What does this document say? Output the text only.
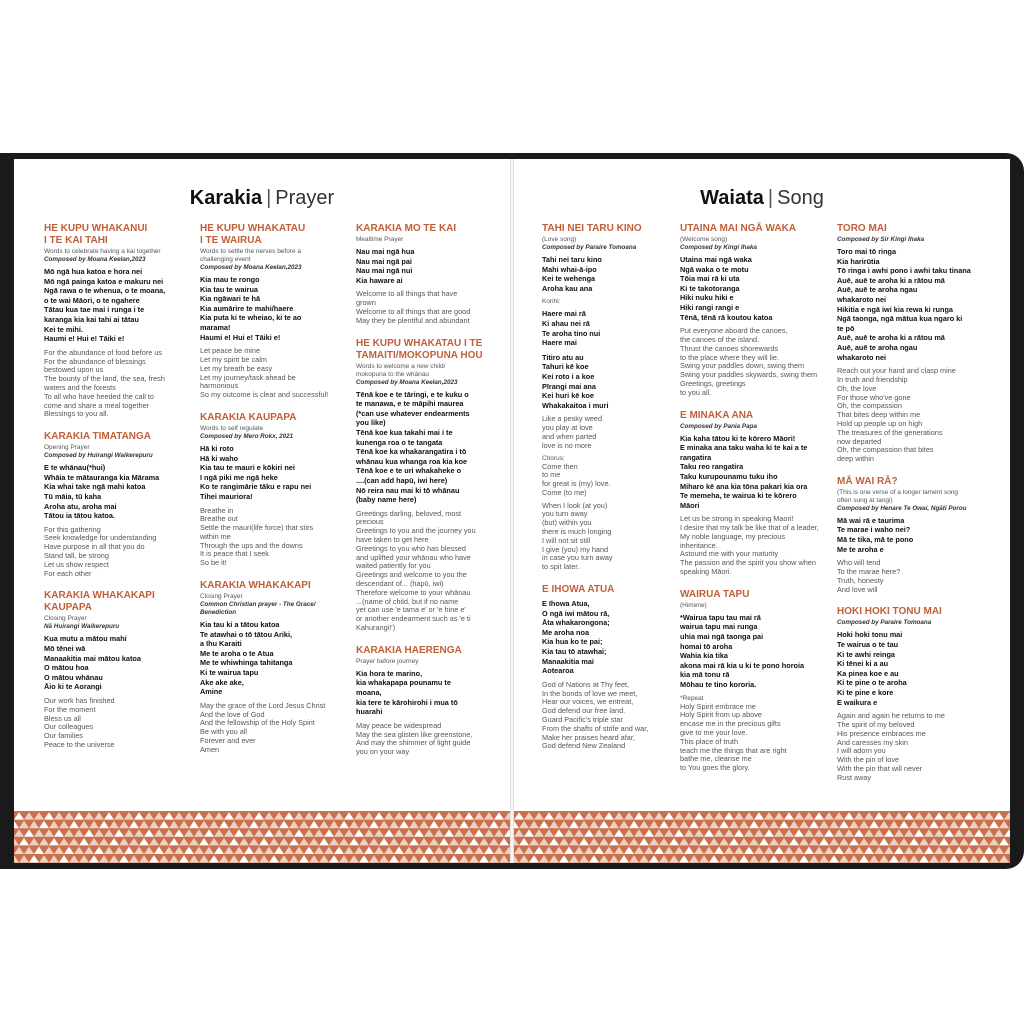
Karakia | Prayer
HE KUPU WHAKANUI
I TE KAI TAHI
Words to celebrate having a kai together
Composed by Moana Keelan,2023
Mō ngā hua katoa e hora nei
Mō ngā painga katoa e makuru nei
Ngā rawa o te whenua, o te moana,
o te wai Māori, o te ngahere
Tātau kua tae mai i runga i te
karanga kia kai tahi ai tātau
Kei te mihi.
Haumi e! Hui e! Tāiki e!
For the abundance of food before us
For the abundance of blessings
bestowed upon us
The bounty of the land, the sea, fresh
waters and the forests
To all who have heeded the call to
come and share a meal together
Blessings to you all.
KARAKIA TIMATANGA
Opening Prayer
Composed by Huirangi Waikerepuru
E te whānau(*hui)
Whāia te mātauranga kia Mārama
Kia whai take ngā mahi katoa
Tū māia, tū kaha
Aroha atu, aroha mai
Tātou ia tātou katoa.
For this gathering
Seek knowledge for understanding
Have purpose in all that you do
Stand tall, be strong
Let us show respect
For each other
KARAKIA WHAKAKAPI
KAUPAPA
Closing Prayer
Nā Huirangi Waikerepuru
Kua mutu a mātou mahi
Mō tēnei wā
Manaakitia mai mātou katoa
O mātou hoa
O mātou whānau
Āio ki te Aorangi
Our work has finished
For the moment
Bless us all
Our colleagues
Our families
Peace to the universe
HE KUPU WHAKATAU
I TE WAIRUA
Words to settle the nerves before a
challenging event
Composed by Moana Keelan,2023
Kia mau te rongo
Kia tau te wairua
Kia ngāwari te hā
Kia aumārire te mahi/haere
Kia puta ki te wheiao, ki te ao
marama!
Haumi e! Hui e! Tāiki e!
Let peace be mine
Let my spirit be calm
Let my breath be easy
Let my journey/task ahead be
harmonious
So my outcome is clear and successful!
KARAKIA KAUPAPA
Words to self regulate
Composed by Mero Rokx, 2021
Hā ki roto
Hā ki waho
Kia tau te mauri e kōkiri nei
I ngā piki me ngā heke
Ko te rangimārie tāku e rapu nei
Tihei mauriora!
Breathe in
Breathe out
Settle the mauri(life force) that stirs
within me
Through the ups and the downs
It is peace that I seek
So be it!
KARAKIA WHAKAKAPI
Closing Prayer
Common Christian prayer - The Grace/
Benediction
Kia tau ki a tātou katoa
Te atawhai o tō tātou Ariki,
a Ihu Karaiti
Me te aroha o te Atua
Me te whiwhinga tahitanga
Ki te wairua tapu
Ake ake ake,
Amine
May the grace of the Lord Jesus Christ
And the love of God
And the fellowship of the Holy Spirit
Be with you all
Forever and ever
Amen
KARAKIA MO TE KAI
Mealtime Prayer
Nau mai ngā hua
Nau mai ngā pai
Nau mai ngā nui
Kia haware ai
Welcome to all things that have
grown
Welcome to all things that are good
May they be plentiful and abundant
HE KUPU WHAKATAU I TE
TAMAITI/MOKOPUNA HOU
Words to welcome a new child/
mokopuna to the whānau
Composed by Moana Keelan,2023
Tēnā koe e te tāringi, e te kuku o
te manawa, e te māpihi maurea
(*can use whatever endearments
you like)
Tēnā koe kua takahi mai i te
kunenga roa o te tangata
Tēnā koe ka whakarangatira i tō
whānau kua whanga roa kia koe
Tēnā koe e te uri whakaheke o
....(can add hapū, iwi here)
Nō reira nau mai ki tō whānau
(baby name here)
Greetings darling, beloved, most
precious
Greetings to you and the journey you
have taken to get here
Greetings to you who has blessed
and uplifted your whānau who have
waited patiently for you
Greetings and welcome to you the
descendant of... (hapū, iwi)
Therefore welcome to your whānau
...(name of child, but if no name
yet can use 'e tama e' or 'e hine e'
or another endearment such as 'e ti
Kahurangi!')
KARAKIA HAERENGA
Prayer before journey
Kia hora te marino,
kia whakapapa pounamu te
moana,
kia tere te kārohirohi i mua tō
huarahi
May peace be widespread
May the sea glisten like greenstone,
And may the shimmer of light guide
you on your way
Waiata | Song
TAHI NEI TARU KINO
(Love song)
Composed by Paraire Tomoana
Tahi nei taru kino
Mahi whai-ā-ipo
Kei te wehenga
Aroha kau ana
Korihi:
Haere mai rā
Ki ahau nei rā
Te aroha tino nui
Haere mai
Titiro atu au
Tahuri kē koe
Kei roto i a koe
Pīrangi mai ana
Kei huri kē koe
Whakakaitoa i muri
Like a pesky weed
you play at love
and when parted
love is no more
Chorus:
Come then
to me
for great is (my) love.
Come (to me)
When I look (at you)
you turn away
(but) within you
there is much longing
I will not sit still
I give (you) my hand
in case you turn away
to spit later.
E IHOWA ATUA
E Ihowa Atua,
O ngā iwi mātou rā,
Āta whakarongona;
Me aroha noa
Kia hua ko te pai;
Kia tau tō atawhai;
Manaakitia mai
Aotearoa
God of Nations at Thy feet,
In the bonds of love we meet,
Hear our voices, we entreat,
God defend our free land.
Guard Pacific's triple star
From the shafts of strife and war,
Make her praises heard afar,
God defend New Zealand
UTAINA MAI NGĀ WAKA
(Welcome song)
Composed by Kingi Ihaka
Utaina mai ngā waka
Ngā waka o te motu
Tōia mai rā ki uta
Ki te takotoranga
Hiki nuku hiki e
Hiki rangi rangi e
Tēnā, tēnā rā koutou katoa
Put everyone aboard the canoes,
the canoes of the island.
Thrust the canoes shorewards
to the place where they will lie.
Swing your paddles down, swing them
Swing your paddles skywards, swing them
Greetings, greetings
to you all.
E MINAKA ANA
Composed by Pania Papa
Kia kaha tātou ki te kōrero Māori!
E minaka ana taku waha ki te kai a te
rangatira
Taku reo rangatira
Taku kurupounamu tuku iho
Miharo kē ana kia tōna pakari kia ora
Te memeha, te wairua ki te kōrero
Māori
Let us be strong in speaking Maori!
I desire that my talk be like that of a leader,
My noble language, my precious
inheritance.
Astound me with your maturity
The passion and the spirit you show when
speaking Māori.
WAIRUA TAPU
(Himene)
*Wairua tapu tau mai rā
wairua tapu mai runga
uhia mai ngā taonga pai
homai tō aroha
Wahia kia tika
akona mai rā kia u ki te pono horoia
kia mā tonu rā
Mōhau te tino kororia.
*Repeat
Holy Spirit embrace me
Holy Spirit from up above
encase me in the precious gifts
give to me your love.
This place of truth
teach me the things that are right
bathe me, cleanse me
to You goes the glory.
TORO MAI
Composed by Sir Kingi Ihaka
Toro mai tō ringa
Kia harirūtia
Tō ringa i awhi pono i awhi taku tinana
Auē, auē te aroha ki a rātou mā
Auē, auē te aroha ngau
whakaroto nei
Hikitia e ngā iwi kia rewa ki runga
Ngā taonga, ngā mātua kua ngaro ki
te pō
Auē, auē te aroha ki a rātou mā
Auē, auē te aroha ngau
whakaroto nei
Reach out your hand and clasp mine
In truth and friendship
Oh, the love
For those who've gone
Oh, the compassion
That bites deep within me
Hold up people up on high
The treasures of the generations
now departed
Oh, the compassion that bites
deep within
MĀ WAI RĀ?
(This is one verse of a longer lament song
often sung at tangi)
Composed by Henare Te Owai, Ngāti Porou
Mā wai rā e taurima
Te marae i waho nei?
Mā te tika, mā te pono
Me te aroha e
Who will tend
To the marae here?
Truth, honesty
And love will
HOKI HOKI TONU MAI
Composed by Paraire Tomoana
Hoki hoki tonu mai
Te wairua o te tau
Ki te awhi reinga
Ki tēnei ki a au
Ka pinea koe e au
Ki te pine o te aroha
Ki te pine e kore
E waikura e
Again and again he returns to me
The spirit of my beloved
His presence embraces me
And caresses my skin
I will adorn you
With the pin of love
With the pin that will never
Rust away
